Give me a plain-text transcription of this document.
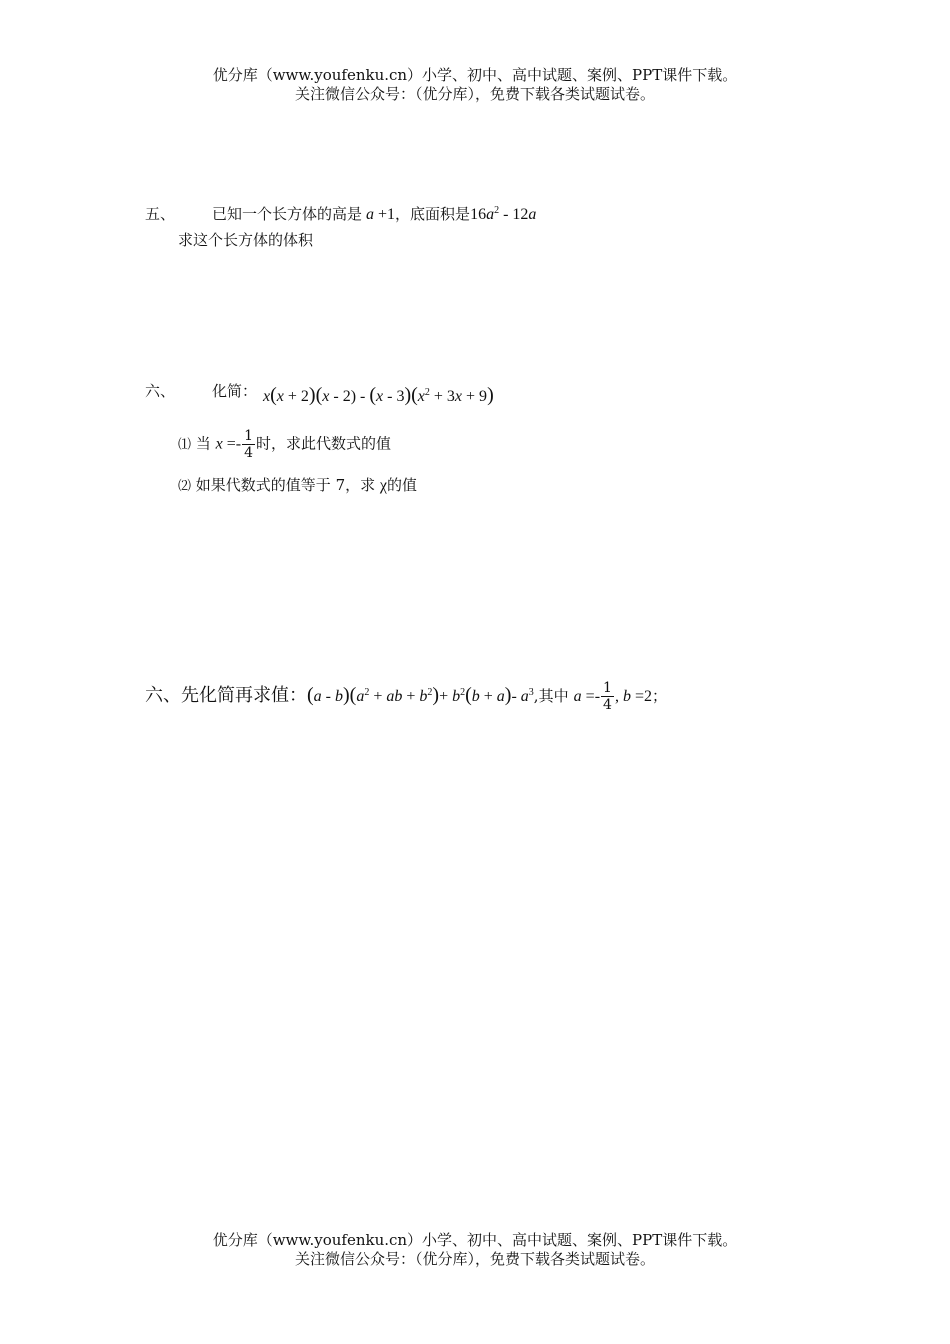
优分库（www.youfenku.cn）小学、初中、高中试题、案例、PPT课件下载。
关注微信公众号：（优分库），免费下载各类试题试卷。
五、 已知一个长方体的高是 a +1，底面积是$16a^2 - 12a$
求这个长方体的体积
六、 化简： $x(x + 2)(x - 2) - (x - 3)(x^2 + 3x + 9)$
⑴ 当 $x =- \frac{1}{4}$ 时，求此代数式的值
⑵ 如果代数式的值等于 7，求 χ的值
六、先化简再求值：$(a - b)(a^2$ + ab + $b^2)+ b^2(b + a)-$ $a^3$,其中 $a =- \frac{1}{4}$ , b =2；
优分库（www.youfenku.cn）小学、初中、高中试题、案例、PPT课件下载。
关注微信公众号：（优分库），免费下载各类试题试卷。
